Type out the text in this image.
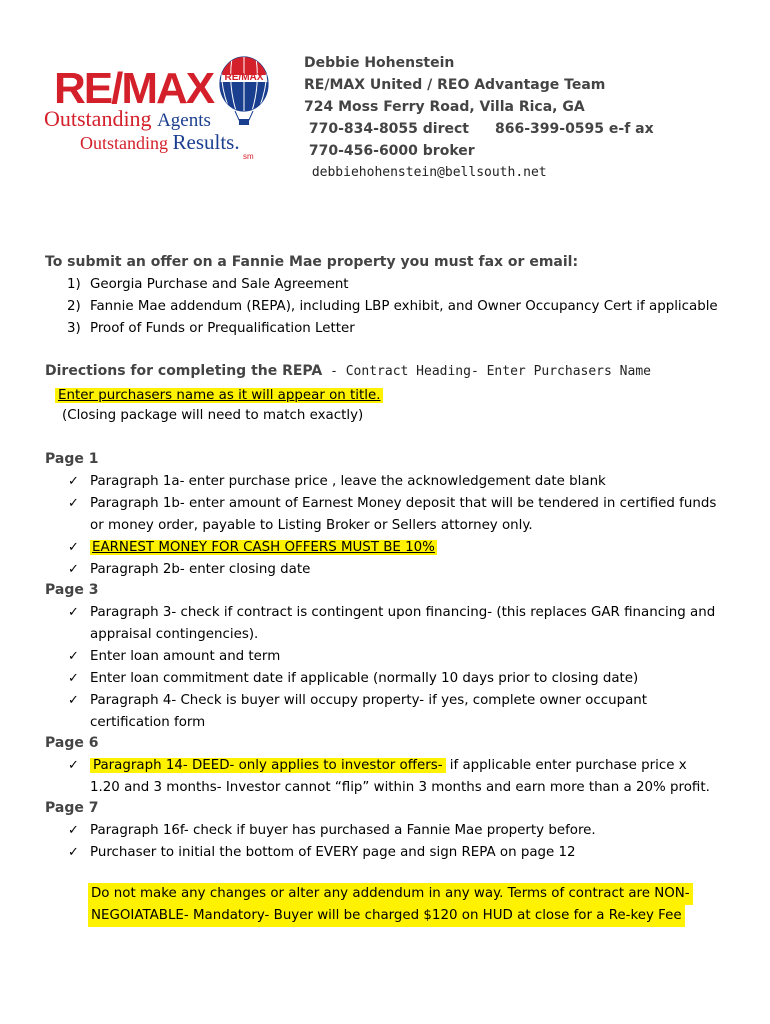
RE/MAX RE/MAX
Outstanding Agents
Outstanding Results.
sm
Debbie Hohenstein
RE/MAX United / REO Advantage Team
724 Moss Ferry Road, Villa Rica, GA
770-834-8055 direct 866-399-0595 e-f ax
770-456-6000 broker
debbiehohenstein@bellsouth.net
To submit an offer on a Fannie Mae property you must fax or email:
1) Georgia Purchase and Sale Agreement
2) Fannie Mae addendum (REPA), including LBP exhibit, and Owner Occupancy Cert if applicable
3) Proof of Funds or Prequalification Letter
Directions for completing the REPA - Contract Heading- Enter Purchasers Name
Enter purchasers name as it will appear on title.
(Closing package will need to match exactly)
Page 1
✓ Paragraph 1a- enter purchase price , leave the acknowledgement date blank
✓ Paragraph 1b- enter amount of Earnest Money deposit that will be tendered in certified funds
or money order, payable to Listing Broker or Sellers attorney only.
✓ EARNEST MONEY FOR CASH OFFERS MUST BE 10%
✓ Paragraph 2b- enter closing date
Page 3
✓ Paragraph 3- check if contract is contingent upon financing- (this replaces GAR financing and
appraisal contingencies).
✓ Enter loan amount and term
✓ Enter loan commitment date if applicable (normally 10 days prior to closing date)
✓ Paragraph 4- Check is buyer will occupy property- if yes, complete owner occupant
certification form
Page 6
✓ Paragraph 14- DEED- only applies to investor offers- if applicable enter purchase price x
1.20 and 3 months- Investor cannot “flip” within 3 months and earn more than a 20% profit.
Page 7
✓ Paragraph 16f- check if buyer has purchased a Fannie Mae property before.
✓ Purchaser to initial the bottom of EVERY page and sign REPA on page 12
Do not make any changes or alter any addendum in any way. Terms of contract are NON-
NEGOIATABLE- Mandatory- Buyer will be charged $120 on HUD at close for a Re-key Fee
